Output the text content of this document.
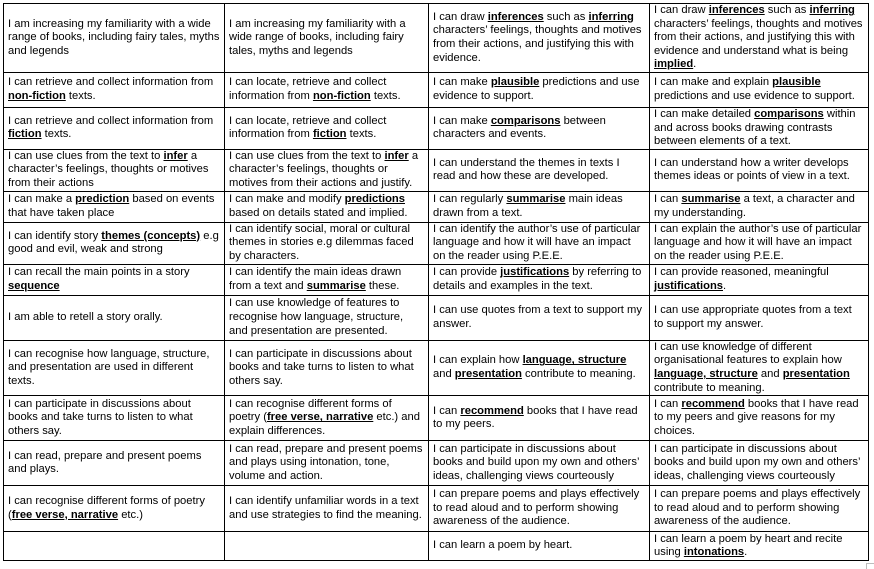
I am increasing my familiarity with a wide range of books, including fairy tales, myths and legends	I am increasing my familiarity with a wide range of books, including fairy tales, myths and legends	I can draw inferences such as inferring characters’ feelings, thoughts and motives from their actions, and justifying this with evidence.	I can draw inferences such as inferring characters’ feelings, thoughts and motives from their actions, and justifying this with evidence and understand what is being implied.
I can retrieve and collect information from non-fiction texts.	I can locate, retrieve and collect information from non-fiction texts.	I can make plausible predictions and use evidence to support.	I can make and explain plausible predictions and use evidence to support.
I can retrieve and collect information from fiction texts.	I can locate, retrieve and collect information from fiction texts.	I can make comparisons between characters and events.	I can make detailed comparisons within and across books drawing contrasts between elements of a text.
I can use clues from the text to infer a character’s feelings, thoughts or motives from their actions	I can use clues from the text to infer a character’s feelings, thoughts or motives from their actions and justify.	I can understand the themes in texts I read and how these are developed.	I can understand how a writer develops themes ideas or points of view in a text.
I can make a prediction based on events that have taken place	I can make and modify predictions based on details stated and implied.	I can regularly summarise main ideas drawn from a text.	I can summarise a text, a character and my understanding.
I can identify story themes (concepts) e.g good and evil, weak and strong	I can identify social, moral or cultural themes in stories e.g dilemmas faced by characters.	I can identify the author’s use of particular language and how it will have an impact on the reader using P.E.E.	I can explain the author’s use of particular language and how it will have an impact on the reader using P.E.E.
I can recall the main points in a story sequence	I can identify the main ideas drawn from a text and summarise these.	I can provide justifications by referring to details and examples in the text.	I can provide reasoned, meaningful justifications.
I am able to retell a story orally.	I can use knowledge of features to recognise how language, structure, and presentation are presented.	I can use quotes from a text to support my answer.	I can use appropriate quotes from a text to support my answer.
I can recognise how language, structure, and presentation are used in different texts.	I can participate in discussions about books and take turns to listen to what others say.	I can explain how language, structure and presentation contribute to meaning.	I can use knowledge of different organisational features to explain how language, structure and presentation contribute to meaning.
I can participate in discussions about books and take turns to listen to what others say.	I can recognise different forms of poetry (free verse, narrative etc.) and explain differences.	I can recommend books that I have read to my peers.	I can recommend books that I have read to my peers and give reasons for my choices.
I can read, prepare and present poems and plays.	I can read, prepare and present poems and plays using intonation, tone, volume and action.	I can participate in discussions about books and build upon my own and others’ ideas, challenging views courteously	I can participate in discussions about books and build upon my own and others’ ideas, challenging views courteously
I can recognise different forms of poetry (free verse, narrative etc.)	I can identify unfamiliar words in a text and use strategies to find the meaning.	I can prepare poems and plays effectively to read aloud and to perform showing awareness of the audience.	I can prepare poems and plays effectively to read aloud and to perform showing awareness of the audience.
		I can learn a poem by heart.	I can learn a poem by heart and recite using intonations.
